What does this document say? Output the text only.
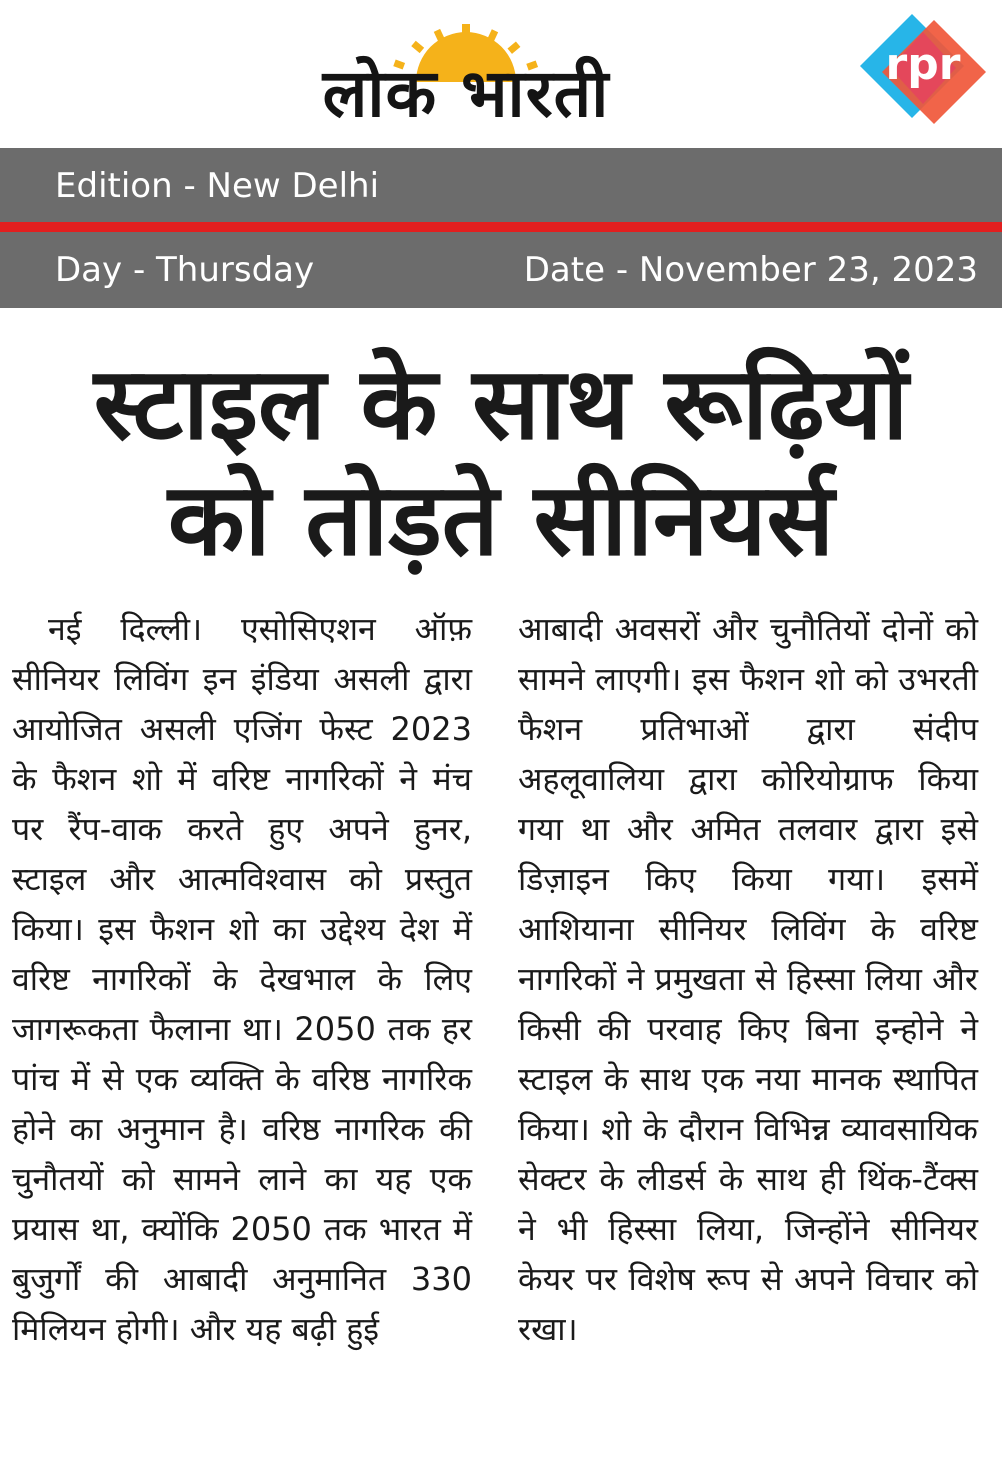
लोक भारती	rpr
Edition - New Delhi
Day - Thursday	Date - November 23, 2023
स्टाइल के साथ रूढ़ियों
को तोड़ते सीनियर्स
नई दिल्ली। एसोसिएशन ऑफ़ सीनियर लिविंग इन इंडिया असली द्वारा आयोजित असली एजिंग फेस्ट 2023 के फैशन शो में वरिष्ट नागरिकों ने मंच पर रैंप-वाक करते हुए अपने हुनर, स्टाइल और आत्मविश्वास को प्रस्तुत किया। इस फैशन शो का उद्देश्य देश में वरिष्ट नागरिकों के देखभाल के लिए जागरूकता फैलाना था। 2050 तक हर पांच में से एक व्यक्ति के वरिष्ठ नागरिक होने का अनुमान है। वरिष्ठ नागरिक की चुनौतयों को सामने लाने का यह एक प्रयास था, क्योंकि 2050 तक भारत में बुजुर्गों की आबादी अनुमानित 330 मिलियन होगी। और यह बढ़ी हुई
आबादी अवसरों और चुनौतियों दोनों को सामने लाएगी। इस फैशन शो को उभरती फैशन प्रतिभाओं द्वारा संदीप अहलूवालिया द्वारा कोरियोग्राफ किया गया था और अमित तलवार द्वारा इसे डिज़ाइन किए किया गया। इसमें आशियाना सीनियर लिविंग के वरिष्ट नागरिकों ने प्रमुखता से हिस्सा लिया और किसी की परवाह किए बिना इन्होने ने स्टाइल के साथ एक नया मानक स्थापित किया। शो के दौरान विभिन्न व्यावसायिक सेक्टर के लीडर्स के साथ ही थिंक-टैंक्स ने भी हिस्सा लिया, जिन्होंने सीनियर केयर पर विशेष रूप से अपने विचार को रखा।
